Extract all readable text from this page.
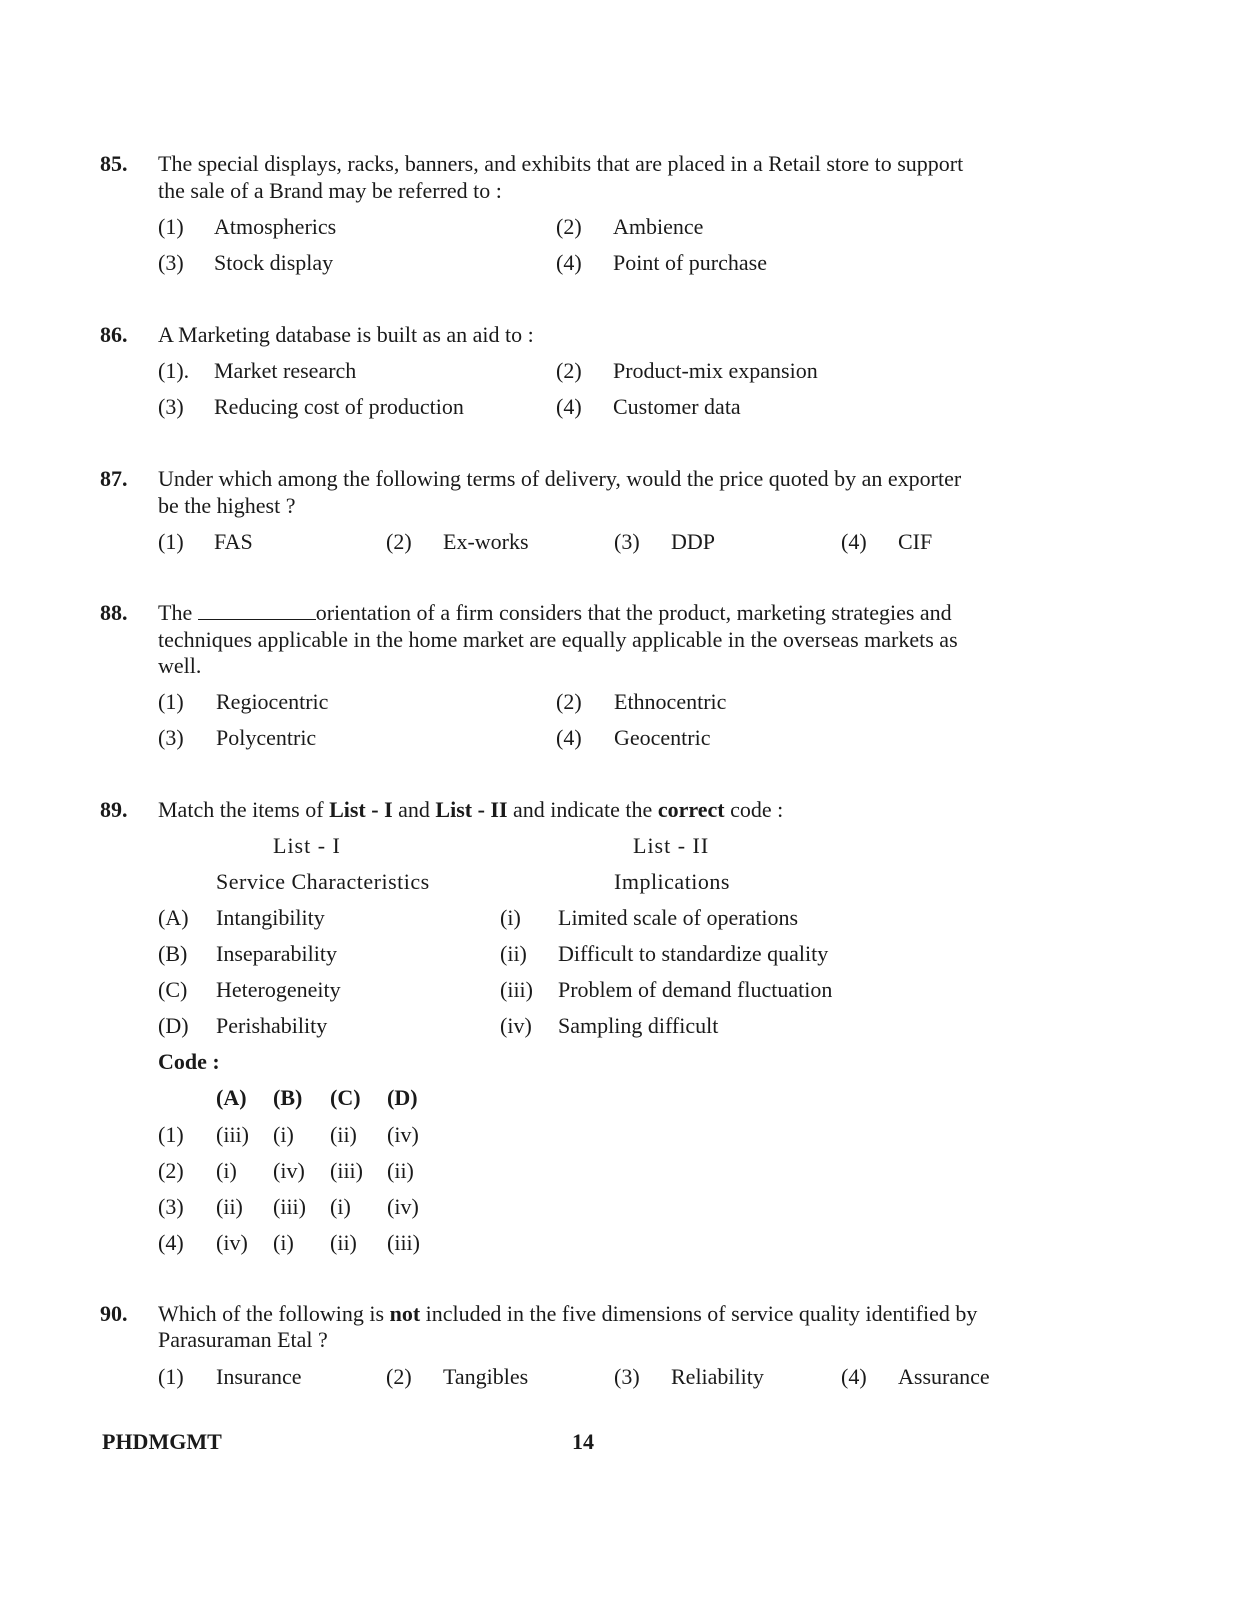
85. The special displays, racks, banners, and exhibits that are placed in a Retail store to support
the sale of a Brand may be referred to :
(1) Atmospherics	(2) Ambience
(3) Stock display	(4) Point of purchase
86. A Marketing database is built as an aid to :
(1). Market research	(2) Product-mix expansion
(3) Reducing cost of production	(4) Customer data
87. Under which among the following terms of delivery, would the price quoted by an exporter
be the highest ?
(1) FAS	(2) Ex-works	(3) DDP	(4) CIF
88. The	orientation of a firm considers that the product, marketing strategies and
techniques applicable in the home market are equally applicable in the overseas markets as
well.
(1) Regiocentric	(2) Ethnocentric
(3) Polycentric	(4) Geocentric
89. Match the items of List - I and List - II and indicate the correct code :
List - I	List - II
Service Characteristics	Implications
(A) Intangibility	(i) Limited scale of operations
(B) Inseparability	(ii) Difficult to standardize quality
(C) Heterogeneity	(iii) Problem of demand fluctuation
(D) Perishability	(iv) Sampling difficult
Code :
(A) (B) (C) (D)
(1) (iii) (i) (ii) (iv)
(2) (i) (iv) (iii) (ii)
(3) (ii) (iii) (i) (iv)
(4) (iv) (i) (ii) (iii)
90. Which of the following is not included in the five dimensions of service quality identified by
Parasuraman Etal ?
(1) Insurance	(2) Tangibles	(3) Reliability	(4) Assurance
PHDMGMT	14
